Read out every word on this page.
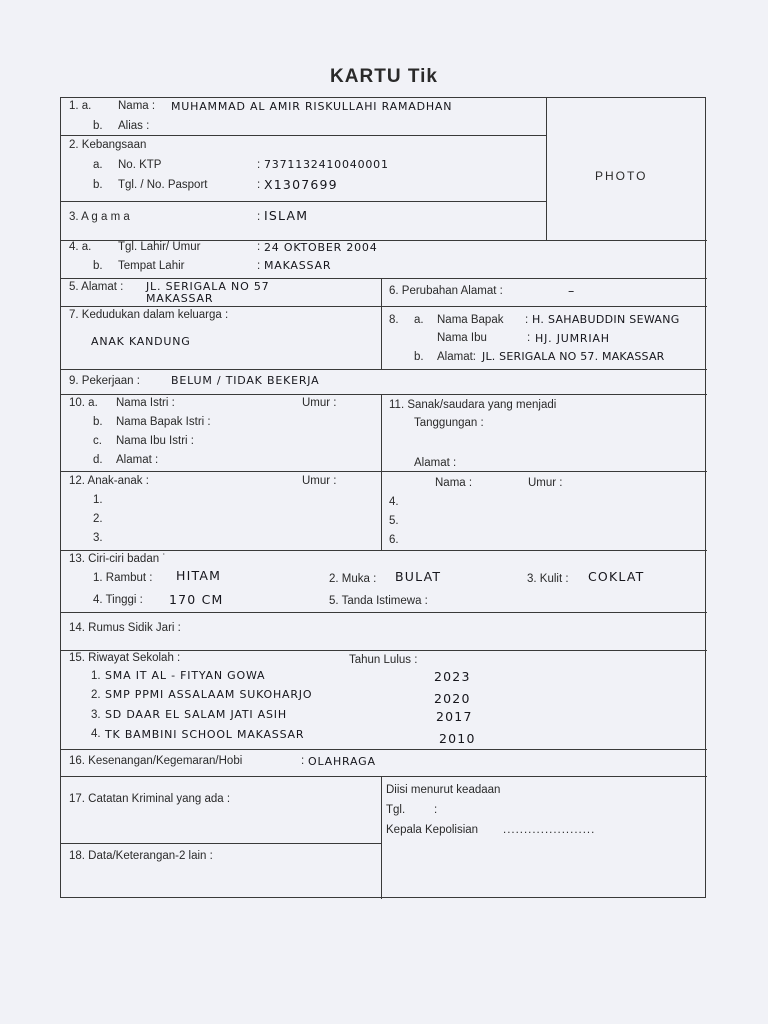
KARTU Tik
PHOTO
1. a. Nama : MUHAMMAD AL AMIR RISKULLAHI RAMADHAN
b. Alias :
2. Kebangsaan
a. No. KTP	: 7371132410040001
b. Tgl. / No. Pasport	: X1307699
3. A g a m a	: ISLAM
4. a. Tgl. Lahir/ Umur	: 24 OKTOBER 2004
b. Tempat Lahir	: MAKASSAR
5. Alamat : JL. SERIGALA NO 57
MAKASSAR
6. Perubahan Alamat :	–
7. Kedudukan dalam keluarga :
ANAK KANDUNG
8. a. Nama Bapak : H. SAHABUDDIN SEWANG
Nama Ibu	: HJ. JUMRIAH
b. Alamat: JL. SERIGALA NO 57. MAKASSAR
9. Pekerjaan :	BELUM / TIDAK BEKERJA
10. a. Nama Istri :	Umur :
b. Nama Bapak Istri :
c. Nama Ibu Istri :
d. Alamat :
11. Sanak/saudara yang menjadi
Tanggungan :
Alamat :
12. Anak-anak :	Umur :	Nama :	Umur :
1.
2.
3.
4.
5.
6.
13. Ciri-ciri badan ˙
1. Rambut : HITAM	2. Muka : BULAT	3. Kulit : COKLAT
4. Tinggi : 170 CM	5. Tanda Istimewa :
14. Rumus Sidik Jari :
15. Riwayat Sekolah :	Tahun Lulus :
1. SMA IT AL - FITYAN GOWA	2023
2. SMP PPMI ASSALAAM SUKOHARJO	2020
3. SD DAAR EL SALAM JATI ASIH	2017
4. TK BAMBINI SCHOOL MAKASSAR	2010
16. Kesenangan/Kegemaran/Hobi	: OLAHRAGA
17. Catatan Kriminal yang ada :
Diisi menurut keadaan
Tgl.	:
Kepala Kepolisian ......................
18. Data/Keterangan-2 lain :
